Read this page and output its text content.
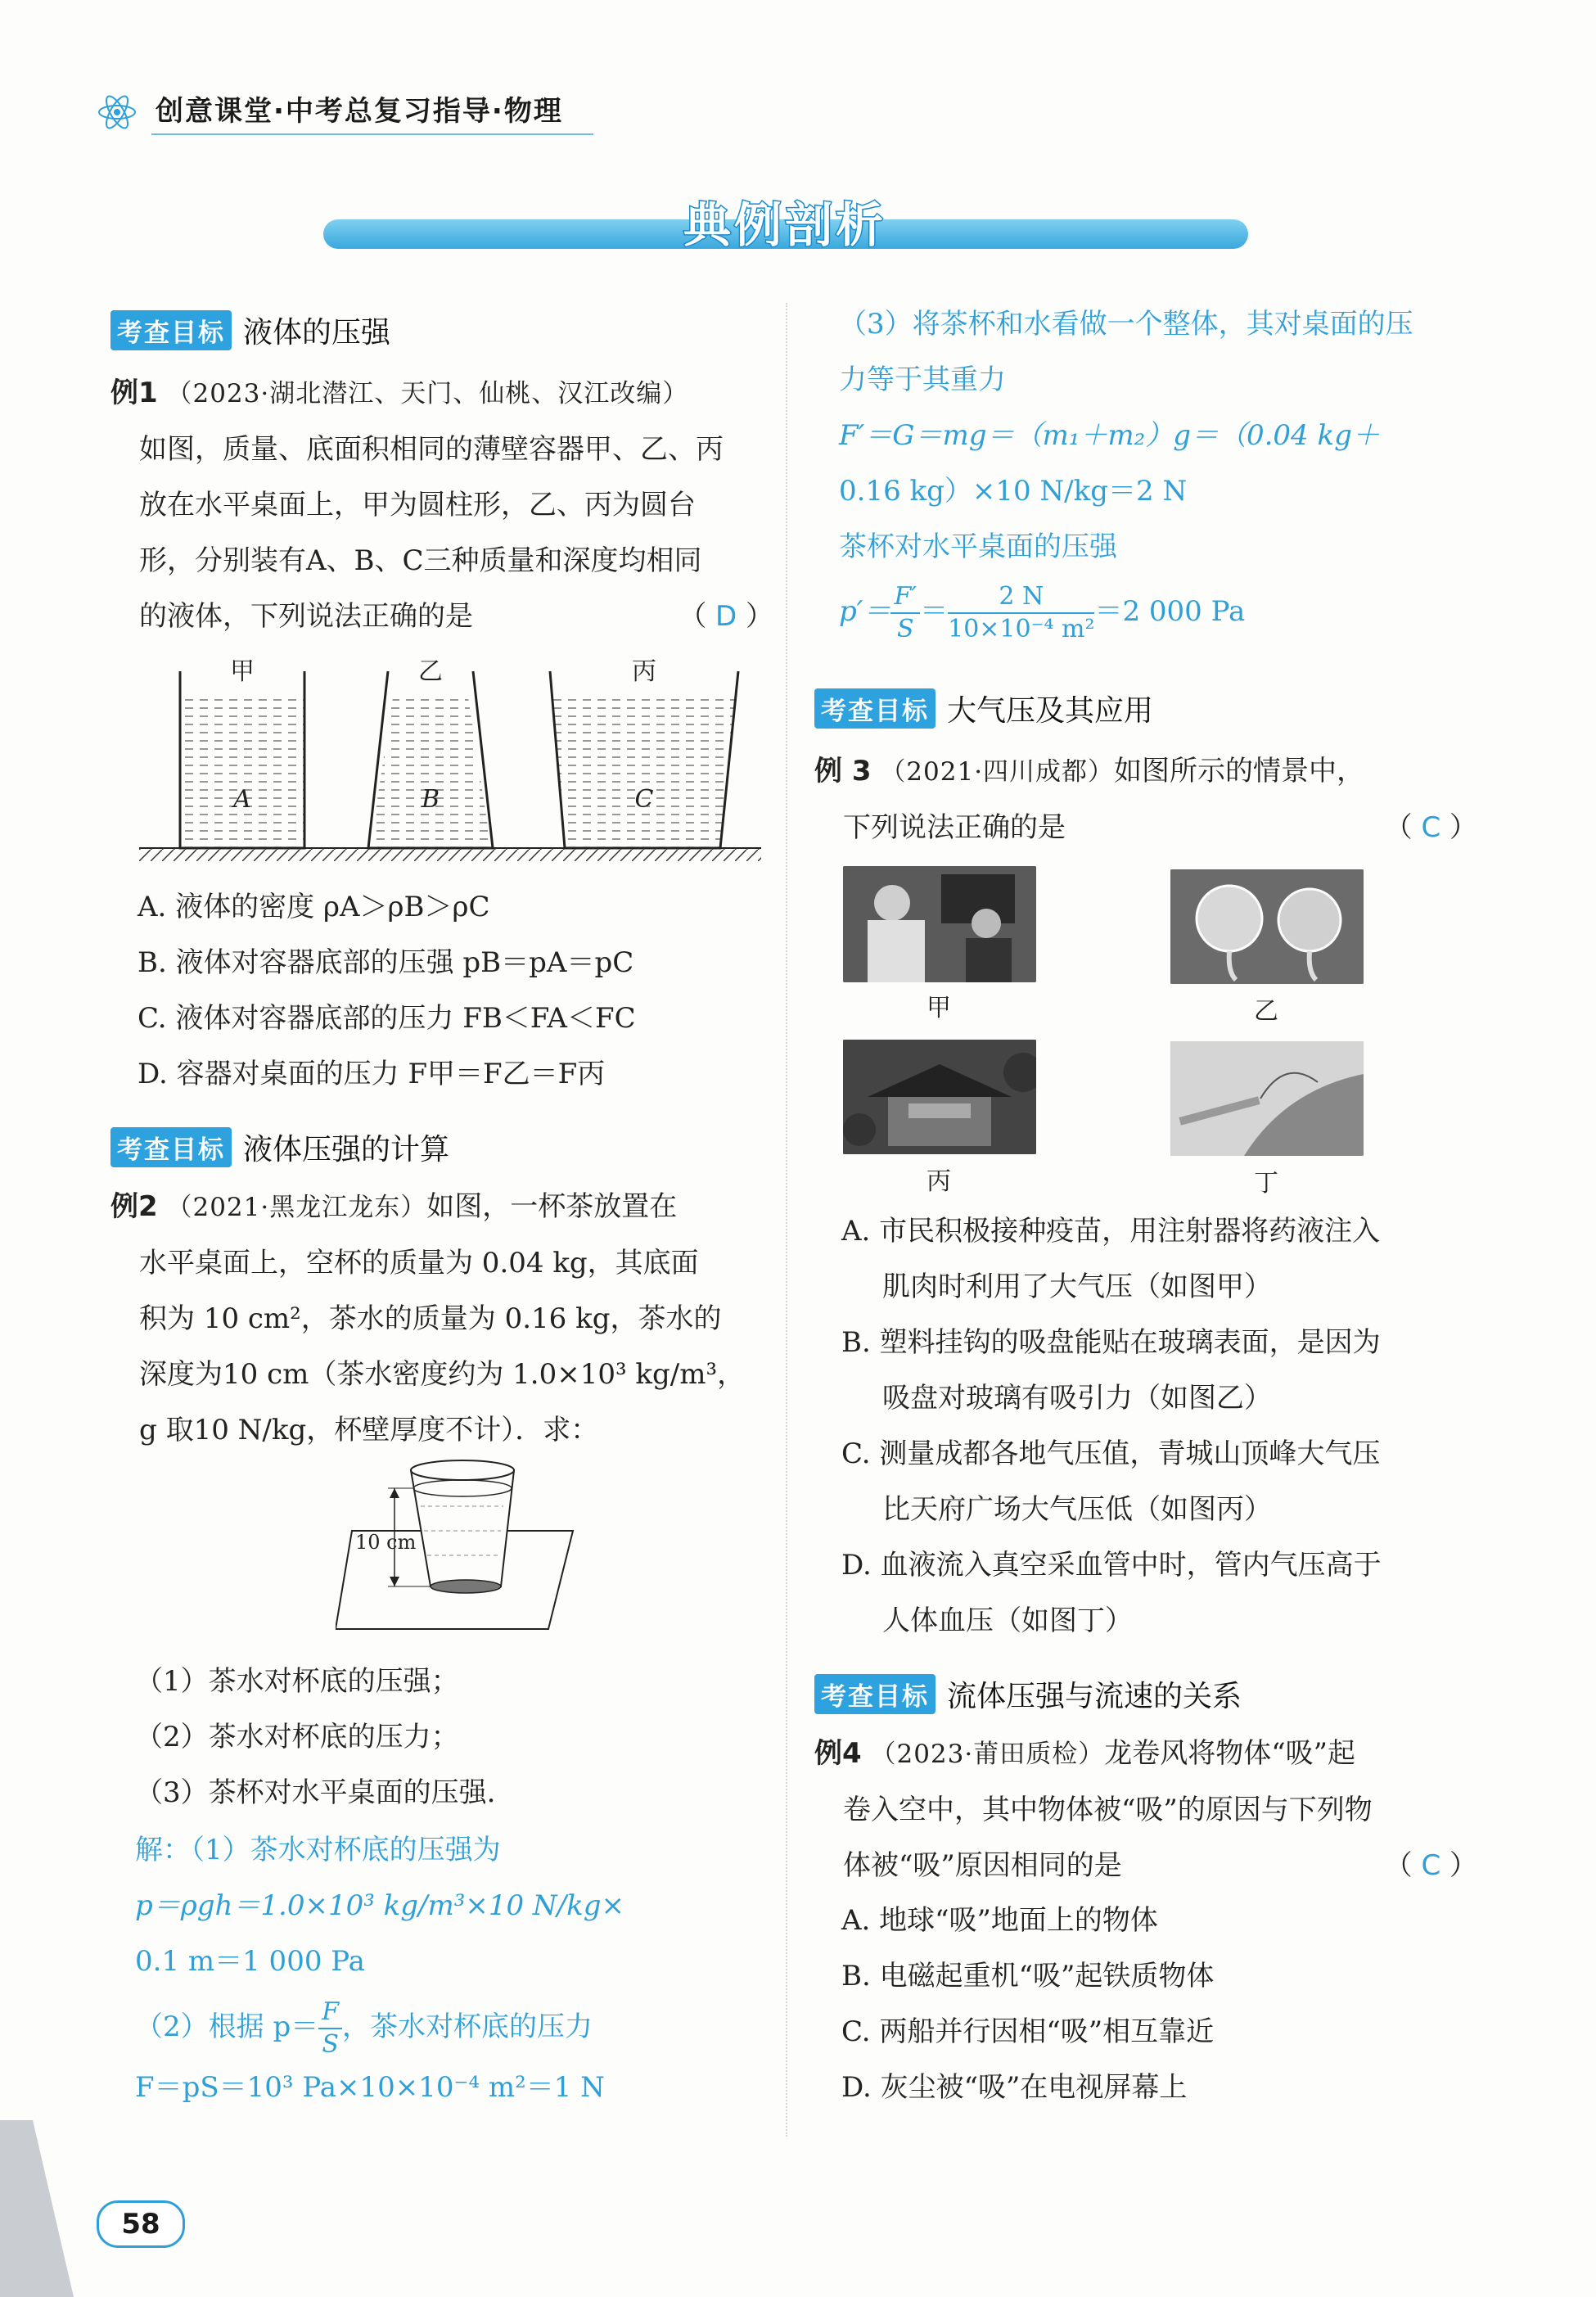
创意课堂·中考总复习指导·物理
典例剖析
考查目标 液体的压强
例1 （2023·湖北潜江、天门、仙桃、汉江改编）
如图，质量、底面积相同的薄壁容器甲、乙、丙
放在水平桌面上，甲为圆柱形，乙、丙为圆台
形，分别装有A、B、C三种质量和深度均相同
的液体，下列说法正确的是	（ D ）
甲	乙	丙
A	B	C
A. 液体的密度 ρA＞ρB＞ρC
B. 液体对容器底部的压强 pB＝pA＝pC
C. 液体对容器底部的压力 FB＜FA＜FC
D. 容器对桌面的压力 F甲＝F乙＝F丙
考查目标 液体压强的计算
例2 （2021·黑龙江龙东）如图，一杯茶放置在
水平桌面上，空杯的质量为 0.04 kg，其底面
积为 10 cm²，茶水的质量为 0.16 kg，茶水的
深度为10 cm（茶水密度约为 1.0×10³ kg/m³，
g 取10 N/kg，杯壁厚度不计）．求：
10 cm
（1）茶水对杯底的压强；
（2）茶水对杯底的压力；
（3）茶杯对水平桌面的压强.
解：（1）茶水对杯底的压强为
p＝ρgh＝1.0×10³ kg/m³×10 N/kg×
0.1 m＝1 000 Pa
（2）根据 $p= \frac{F}{S}$ ，茶水对杯底的压力
F＝pS＝10³ Pa×10×10⁻⁴ m²＝1 N
（3）将茶杯和水看做一个整体，其对桌面的压
力等于其重力
F′＝G＝mg＝（m₁＋m₂）g＝（0.04 kg＋
0.16 kg）×10 N/kg＝2 N
茶杯对水平桌面的压强
$p'= \frac{F'}{S} = \frac{2 N}{\text{10×10⁻⁴ m²}} =2$ 000 Pa
考查目标 大气压及其应用
例 3 （2021·四川成都）如图所示的情景中，
下列说法正确的是	（ C ）
甲	乙
丙	丁
A. 市民积极接种疫苗，用注射器将药液注入
肌肉时利用了大气压（如图甲）
B. 塑料挂钩的吸盘能贴在玻璃表面，是因为
吸盘对玻璃有吸引力（如图乙）
C. 测量成都各地气压值，青城山顶峰大气压
比天府广场大气压低（如图丙）
D. 血液流入真空采血管中时，管内气压高于
人体血压（如图丁）
考查目标 流体压强与流速的关系
例4 （2023·莆田质检）龙卷风将物体“吸”起
卷入空中，其中物体被“吸”的原因与下列物
体被“吸”原因相同的是	（ C ）
A. 地球“吸”地面上的物体
B. 电磁起重机“吸”起铁质物体
C. 两船并行因相“吸”相互靠近
D. 灰尘被“吸”在电视屏幕上
58
